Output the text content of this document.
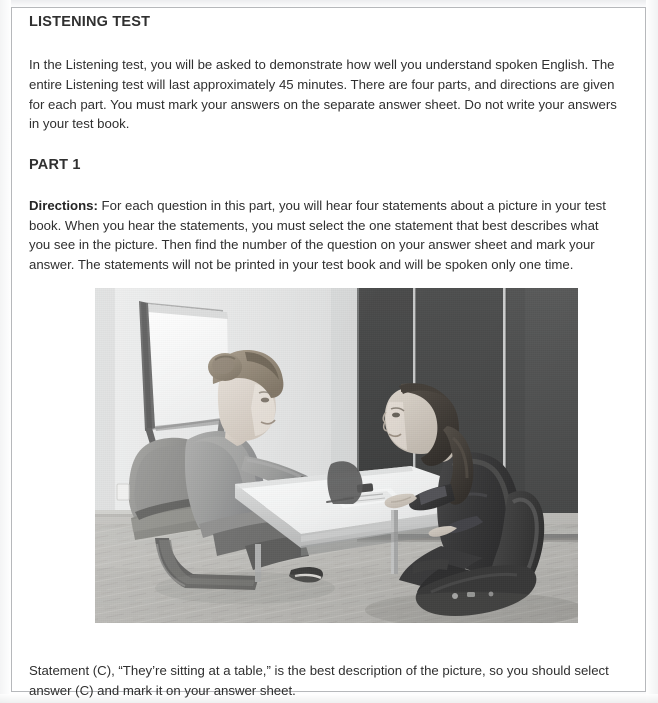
LISTENING TEST

In the Listening test, you will be asked to demonstrate how well you understand spoken English. The entire Listening test will last approximately 45 minutes. There are four parts, and directions are given for each part. You must mark your answers on the separate answer sheet. Do not write your answers in your test book.

PART 1

Directions: For each question in this part, you will hear four statements about a picture in your test book. When you hear the statements, you must select the one statement that best describes what you see in the picture. Then find the number of the question on your answer sheet and mark your answer. The statements will not be printed in your test book and will be spoken only one time.

Statement (C), “They’re sitting at a table,” is the best description of the picture, so you should select answer (C) and mark it on your answer sheet.
